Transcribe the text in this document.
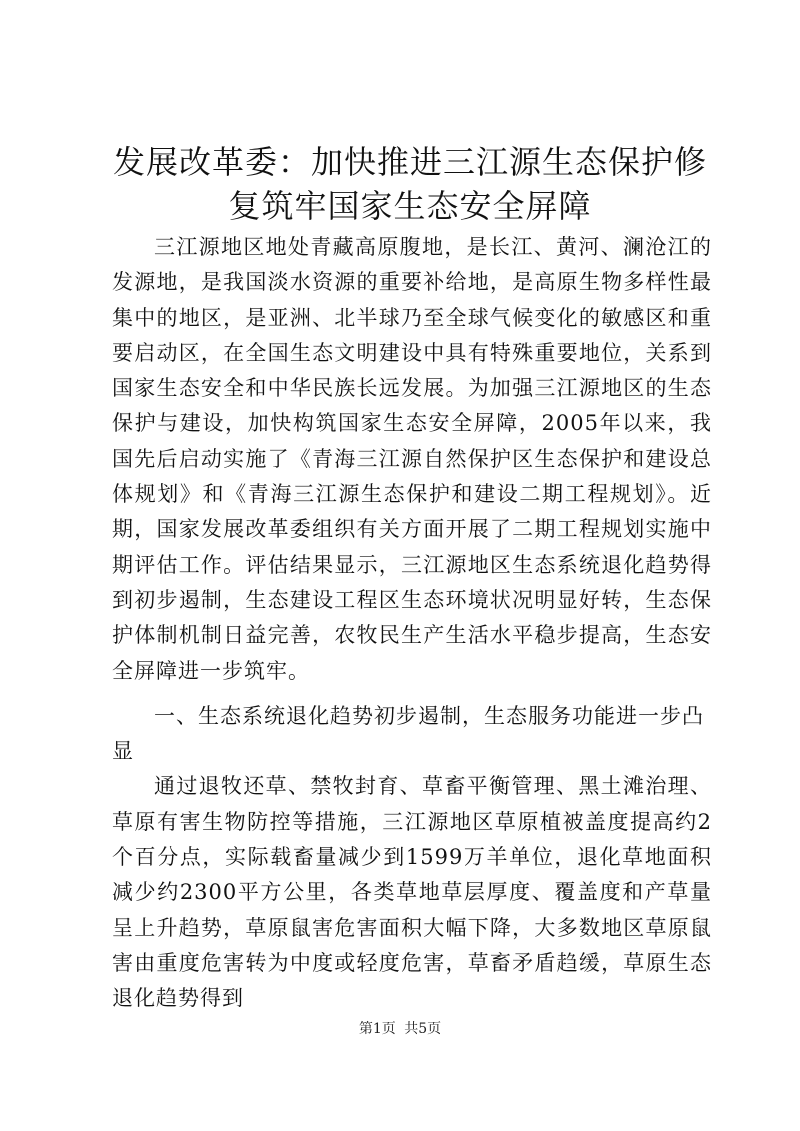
发展改革委：加快推进三江源生态保护修复筑牢国家生态安全屏障

三江源地区地处青藏高原腹地，是长江、黄河、澜沧江的发源地，是我国淡水资源的重要补给地，是高原生物多样性最集中的地区，是亚洲、北半球乃至全球气候变化的敏感区和重要启动区，在全国生态文明建设中具有特殊重要地位，关系到国家生态安全和中华民族长远发展。为加强三江源地区的生态保护与建设，加快构筑国家生态安全屏障，2005年以来，我国先后启动实施了《青海三江源自然保护区生态保护和建设总体规划》和《青海三江源生态保护和建设二期工程规划》。近期，国家发展改革委组织有关方面开展了二期工程规划实施中期评估工作。评估结果显示，三江源地区生态系统退化趋势得到初步遏制，生态建设工程区生态环境状况明显好转，生态保护体制机制日益完善，农牧民生产生活水平稳步提高，生态安全屏障进一步筑牢。

一、生态系统退化趋势初步遏制，生态服务功能进一步凸显

通过退牧还草、禁牧封育、草畜平衡管理、黑土滩治理、草原有害生物防控等措施，三江源地区草原植被盖度提高约2个百分点，实际载畜量减少到1599万羊单位，退化草地面积减少约2300平方公里，各类草地草层厚度、覆盖度和产草量呈上升趋势，草原鼠害危害面积大幅下降，大多数地区草原鼠害由重度危害转为中度或轻度危害，草畜矛盾趋缓，草原生态退化趋势得到

第1页 共5页
